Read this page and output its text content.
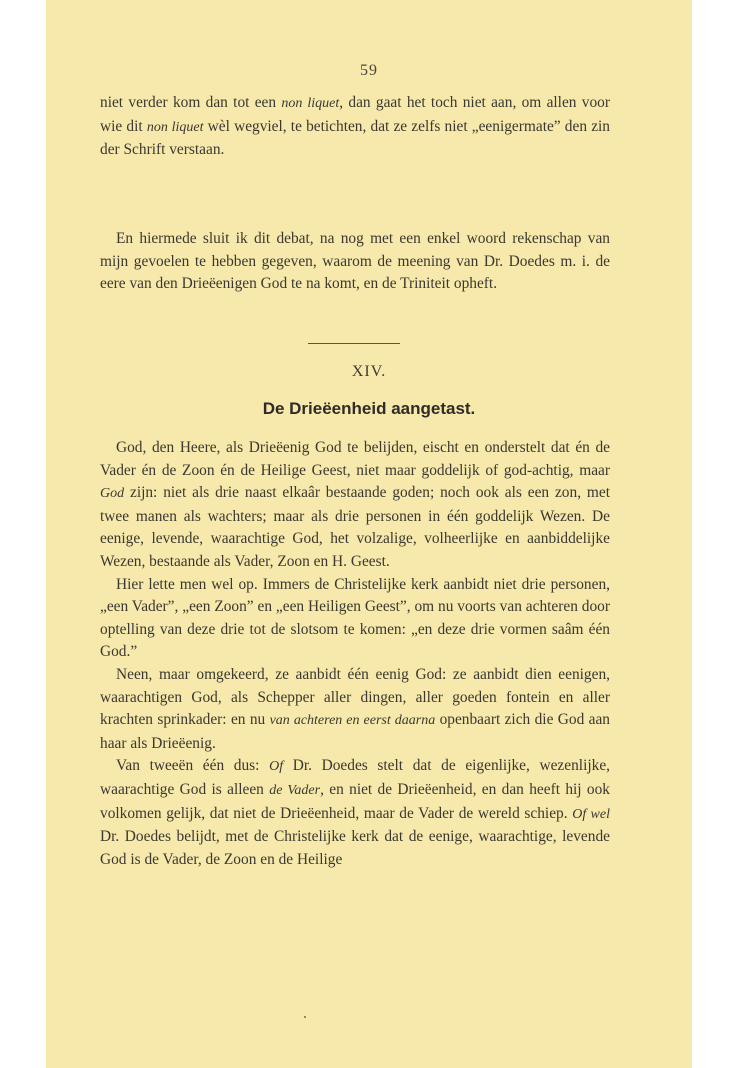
59

niet verder kom dan tot een non liquet, dan gaat het toch niet aan, om allen voor wie dit non liquet wèl wegviel, te betichten, dat ze zelfs niet „eenigermate” den zin der Schrift verstaan.

En hiermede sluit ik dit debat, na nog met een enkel woord rekenschap van mijn gevoelen te hebben gegeven, waarom de meening van Dr. Doedes m. i. de eere van den Drieëenigen God te na komt, en de Triniteit opheft.

XIV.
De Drieëenheid aangetast.

God, den Heere, als Drieëenig God te belijden, eischt en onderstelt dat én de Vader én de Zoon én de Heilige Geest, niet maar goddelijk of god-achtig, maar God zijn: niet als drie naast elkaâr bestaande goden; noch ook als een zon, met twee manen als wachters; maar als drie personen in één goddelijk Wezen. De eenige, levende, waarachtige God, het volzalige, volheerlijke en aanbiddelijke Wezen, bestaande als Vader, Zoon en H. Geest.

Hier lette men wel op. Immers de Christelijke kerk aanbidt niet drie personen, „een Vader”, „een Zoon” en „een Heiligen Geest”, om nu voorts van achteren door optelling van deze drie tot de slotsom te komen: „en deze drie vormen saâm één God.”

Neen, maar omgekeerd, ze aanbidt één eenig God: ze aanbidt dien eenigen, waarachtigen God, als Schepper aller dingen, aller goeden fontein en aller krachten sprinkader: en nu van achteren en eerst daarna openbaart zich die God aan haar als Drieëenig.

Van tweeën één dus: Of Dr. Doedes stelt dat de eigenlijke, wezenlijke, waarachtige God is alleen de Vader, en niet de Drieëenheid, en dan heeft hij ook volkomen gelijk, dat niet de Drieëenheid, maar de Vader de wereld schiep. Of wel Dr. Doedes belijdt, met de Christelijke kerk dat de eenige, waarachtige, levende God is de Vader, de Zoon en de Heilige
